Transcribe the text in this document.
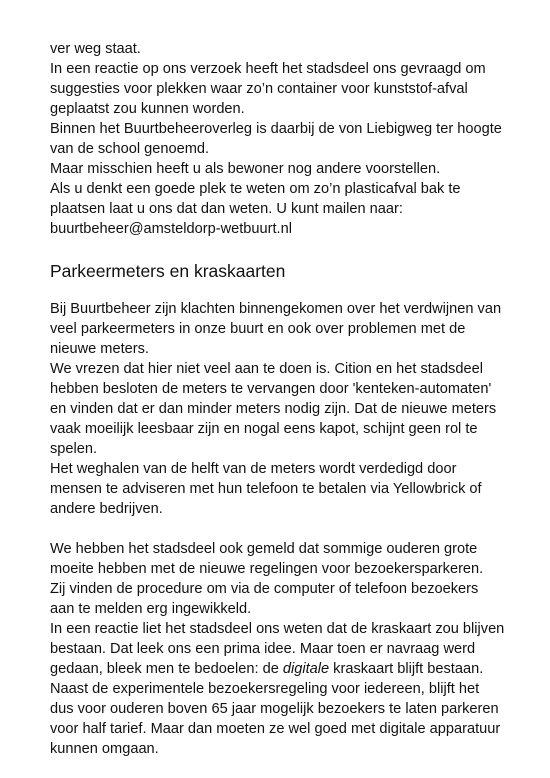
ver weg staat.
In een reactie op ons verzoek heeft het stadsdeel ons gevraagd om
suggesties voor plekken waar zo’n container voor kunststof-afval
geplaatst zou kunnen worden.
Binnen het Buurtbeheeroverleg is daarbij de von Liebigweg ter hoogte
van de school genoemd.
Maar misschien heeft u als bewoner nog andere voorstellen.
Als u denkt een goede plek te weten om zo’n plasticafval bak te
plaatsen laat u ons dat dan weten. U kunt mailen naar:
buurtbeheer@amsteldorp-wetbuurt.nl
Parkeermeters en kraskaarten
Bij Buurtbeheer zijn klachten binnengekomen over het verdwijnen van
veel parkeermeters in onze buurt en ook over problemen met de
nieuwe meters.
We vrezen dat hier niet veel aan te doen is. Cition en het stadsdeel
hebben besloten de meters te vervangen door 'kenteken-automaten'
en vinden dat er dan minder meters nodig zijn. Dat de nieuwe meters
vaak moeilijk leesbaar zijn en nogal eens kapot, schijnt geen rol te
spelen.
Het weghalen van de helft van de meters wordt verdedigd door
mensen te adviseren met hun telefoon te betalen via Yellowbrick of
andere bedrijven.
We hebben het stadsdeel ook gemeld dat sommige ouderen grote
moeite hebben met de nieuwe regelingen voor bezoekersparkeren.
Zij vinden de procedure om via de computer of telefoon bezoekers
aan te melden erg ingewikkeld.
In een reactie liet het stadsdeel ons weten dat de kraskaart zou blijven
bestaan. Dat leek ons een prima idee. Maar toen er navraag werd
gedaan, bleek men te bedoelen: de digitale kraskaart blijft bestaan.
Naast de experimentele bezoekersregeling voor iedereen, blijft het
dus voor ouderen boven 65 jaar mogelijk bezoekers te laten parkeren
voor half tarief. Maar dan moeten ze wel goed met digitale apparatuur
kunnen omgaan.
